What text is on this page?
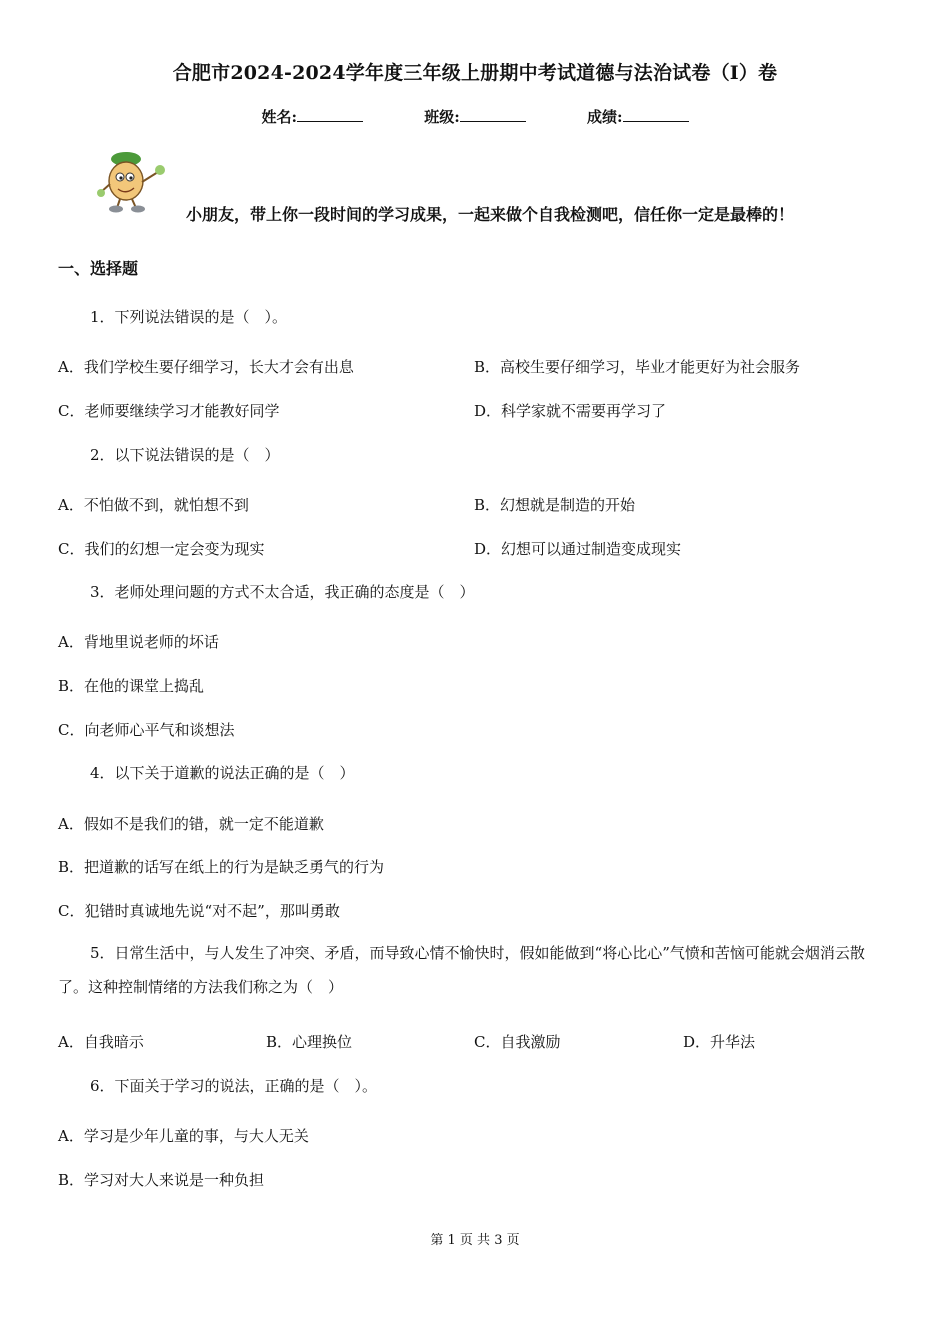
合肥市2024-2024学年度三年级上册期中考试道德与法治试卷（I）卷
姓名:	班级:	成绩:
小朋友，带上你一段时间的学习成果，一起来做个自我检测吧，信任你一定是最棒的！
一、选择题
1．下列说法错误的是（　）。
A．我们学校生要仔细学习，长大才会有出息	B．高校生要仔细学习，毕业才能更好为社会服务
C．老师要继续学习才能教好同学	D．科学家就不需要再学习了
2．以下说法错误的是（　）
A．不怕做不到，就怕想不到	B．幻想就是制造的开始
C．我们的幻想一定会变为现实	D．幻想可以通过制造变成现实
3．老师处理问题的方式不太合适，我正确的态度是（　）
A．背地里说老师的坏话
B．在他的课堂上捣乱
C．向老师心平气和谈想法
4．以下关于道歉的说法正确的是（　）
A．假如不是我们的错，就一定不能道歉
B．把道歉的话写在纸上的行为是缺乏勇气的行为
C．犯错时真诚地先说“对不起”，那叫勇敢
5．日常生活中，与人发生了冲突、矛盾，而导致心情不愉快时，假如能做到“将心比心”气愤和苦恼可能就会烟消云散了。这种控制情绪的方法我们称之为（　）
A．自我暗示	B．心理换位	C．自我激励	D．升华法
6．下面关于学习的说法，正确的是（　）。
A．学习是少年儿童的事，与大人无关
B．学习对大人来说是一种负担
第 1 页 共 3 页
